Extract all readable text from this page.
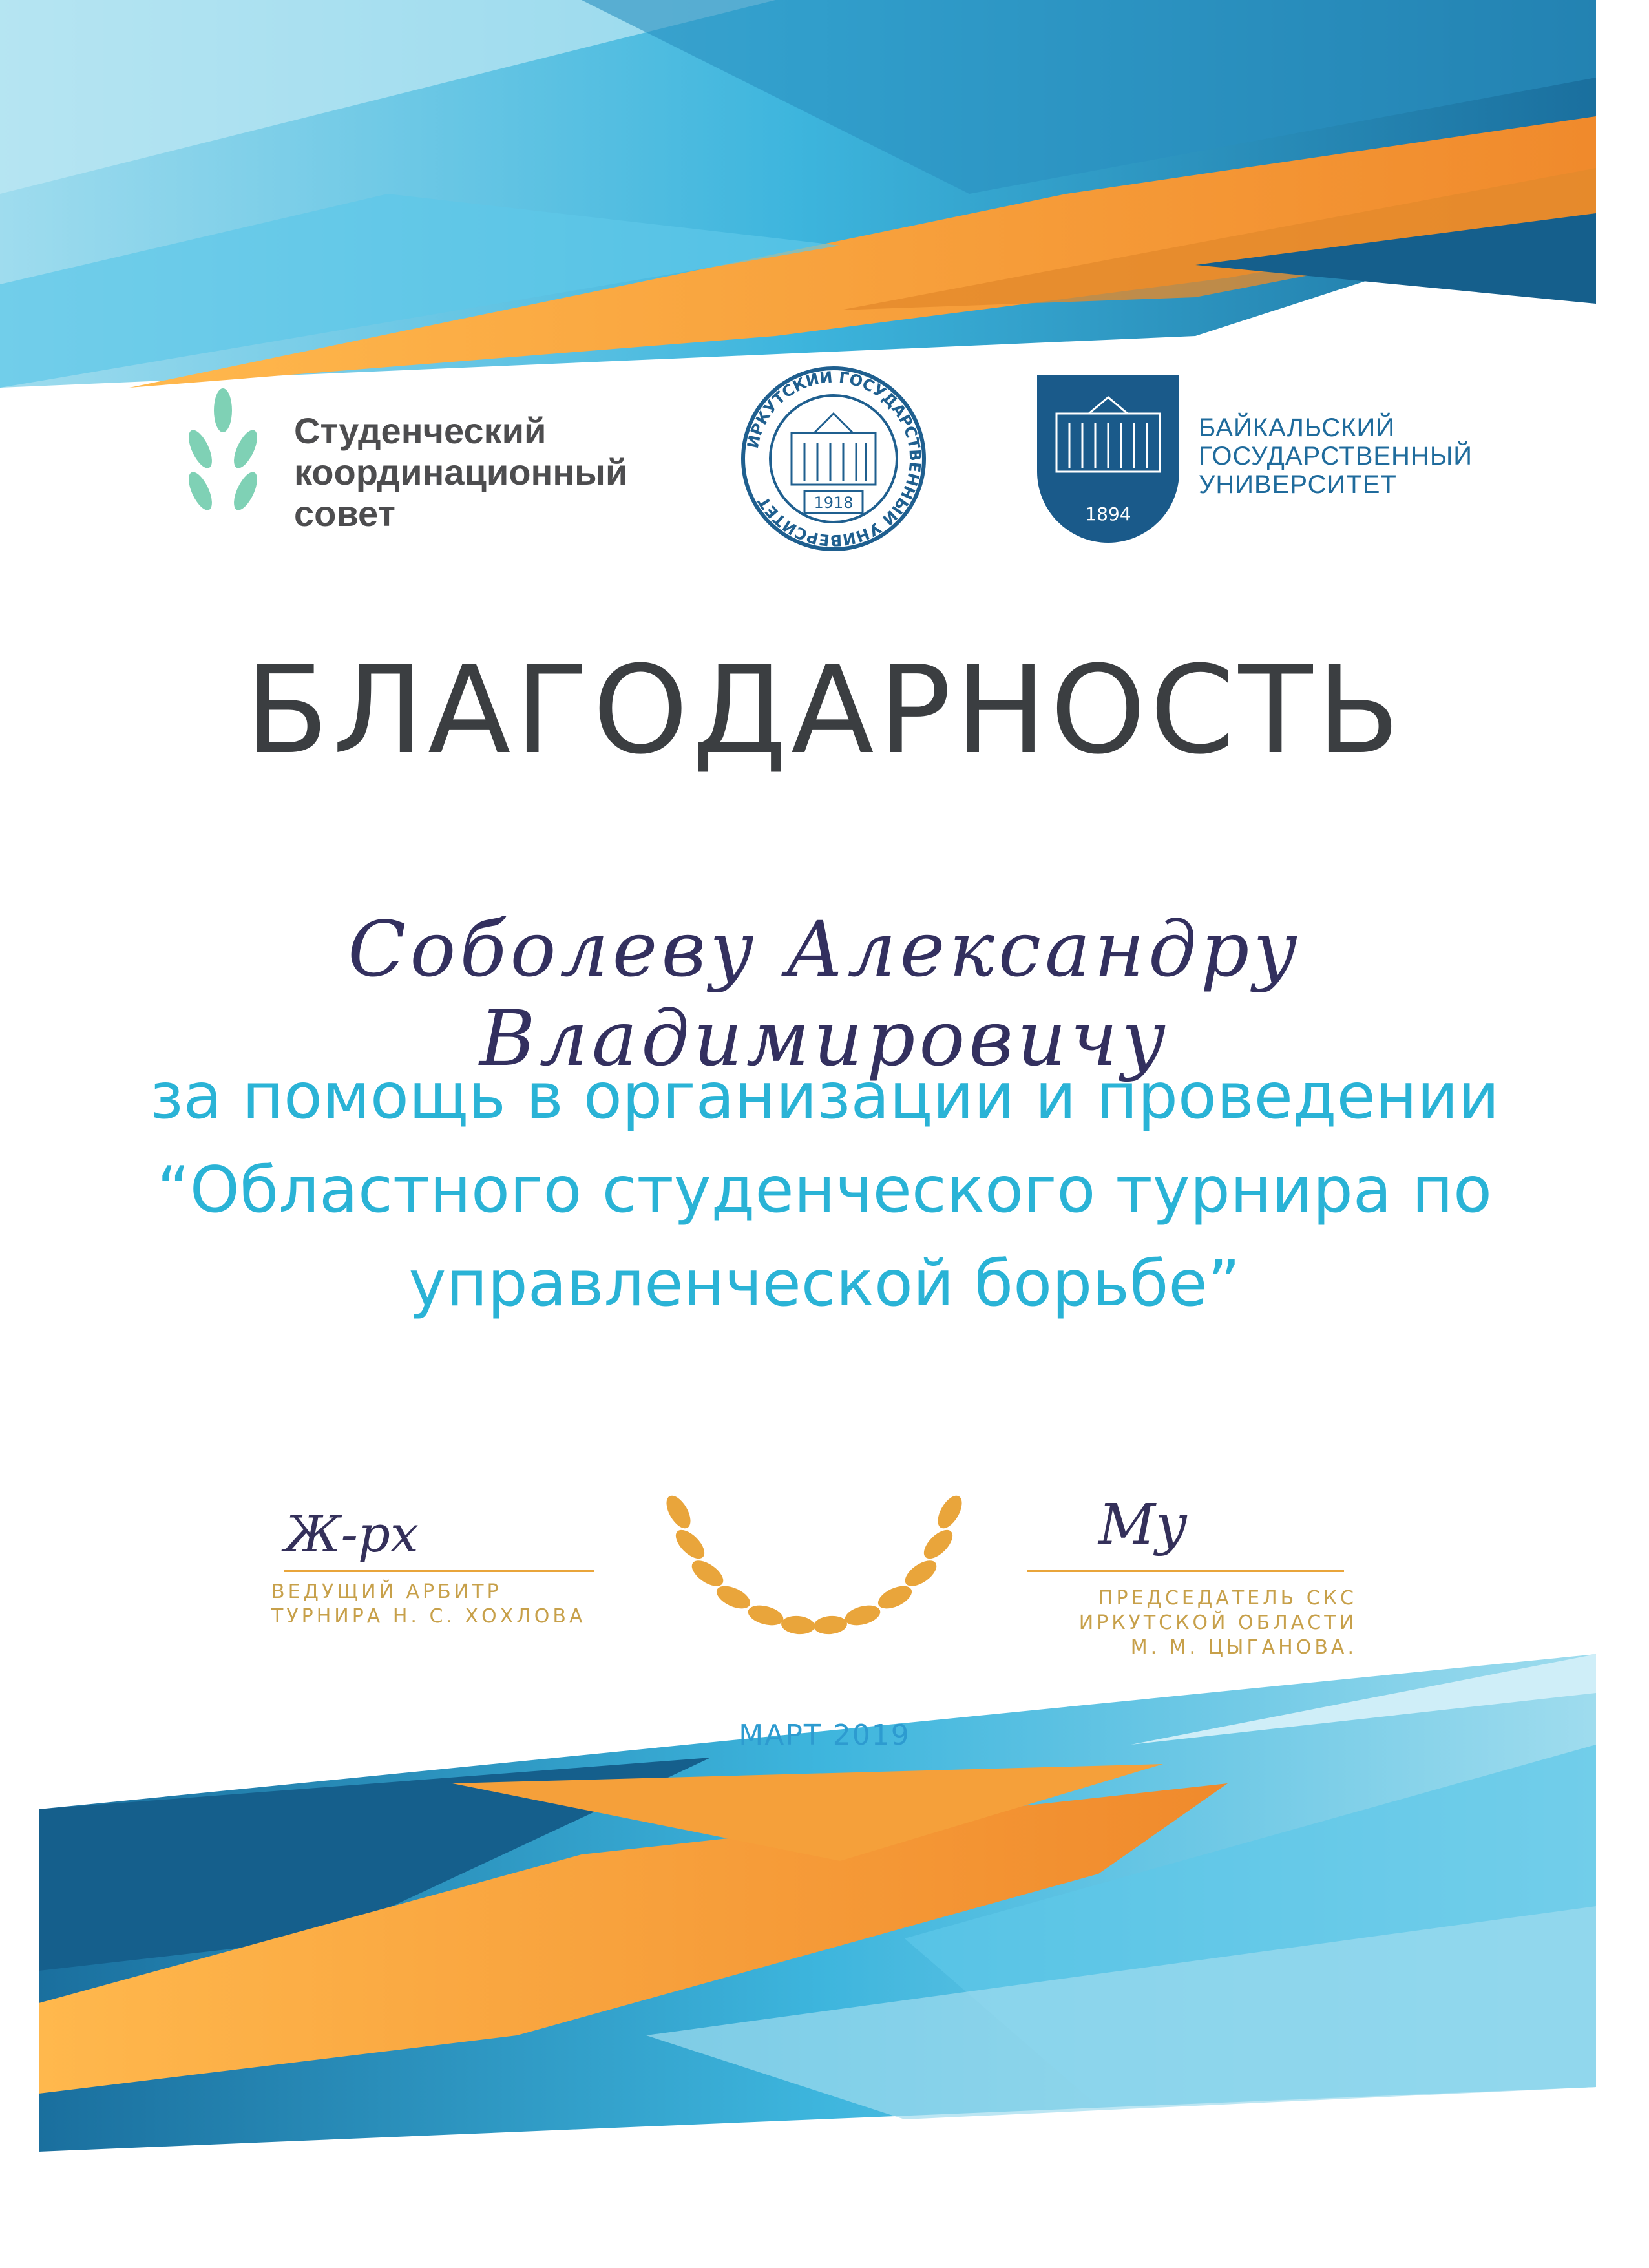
Студенческий
координационный
совет
ИРКУТСКИЙ ГОСУДАРСТВЕННЫЙ УНИВЕРСИТЕТ	1918
1894
БАЙКАЛЬСКИЙ
ГОСУДАРСТВЕННЫЙ
УНИВЕРСИТЕТ
БЛАГОДАРНОСТЬ
Соболеву Александру Владимировичу
за помощь в организации и проведении
“Областного студенческого турнира по
управленческой борьбе”
Ж-рх
ВЕДУЩИЙ АРБИТР
ТУРНИРА Н. С. ХОХЛОВА
Му
ПРЕДСЕДАТЕЛЬ СКС
ИРКУТСКОЙ ОБЛАСТИ
М. М. ЦЫГАНОВА.
МАРТ 2019
